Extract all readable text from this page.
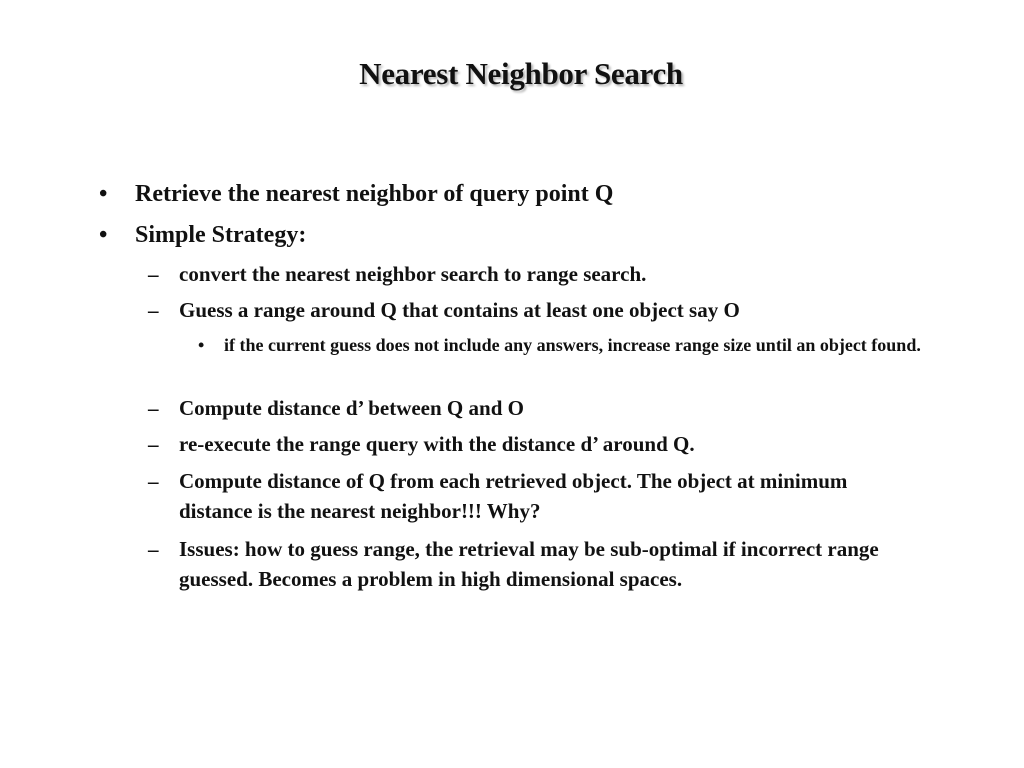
Nearest Neighbor Search
• Retrieve the nearest neighbor of query point Q
• Simple Strategy:
– convert the nearest neighbor search to range search.
– Guess a range around Q that contains at least one object say O
• if the current guess does not include any answers, increase range size until an object found.
– Compute distance d’ between Q and O
– re-execute the range query with the distance d’ around Q.
– Compute distance of Q from each retrieved object. The object at minimum distance is the nearest neighbor!!! Why?
– Issues: how to guess range, the retrieval may be sub-optimal if incorrect range guessed. Becomes a problem in high dimensional spaces.
